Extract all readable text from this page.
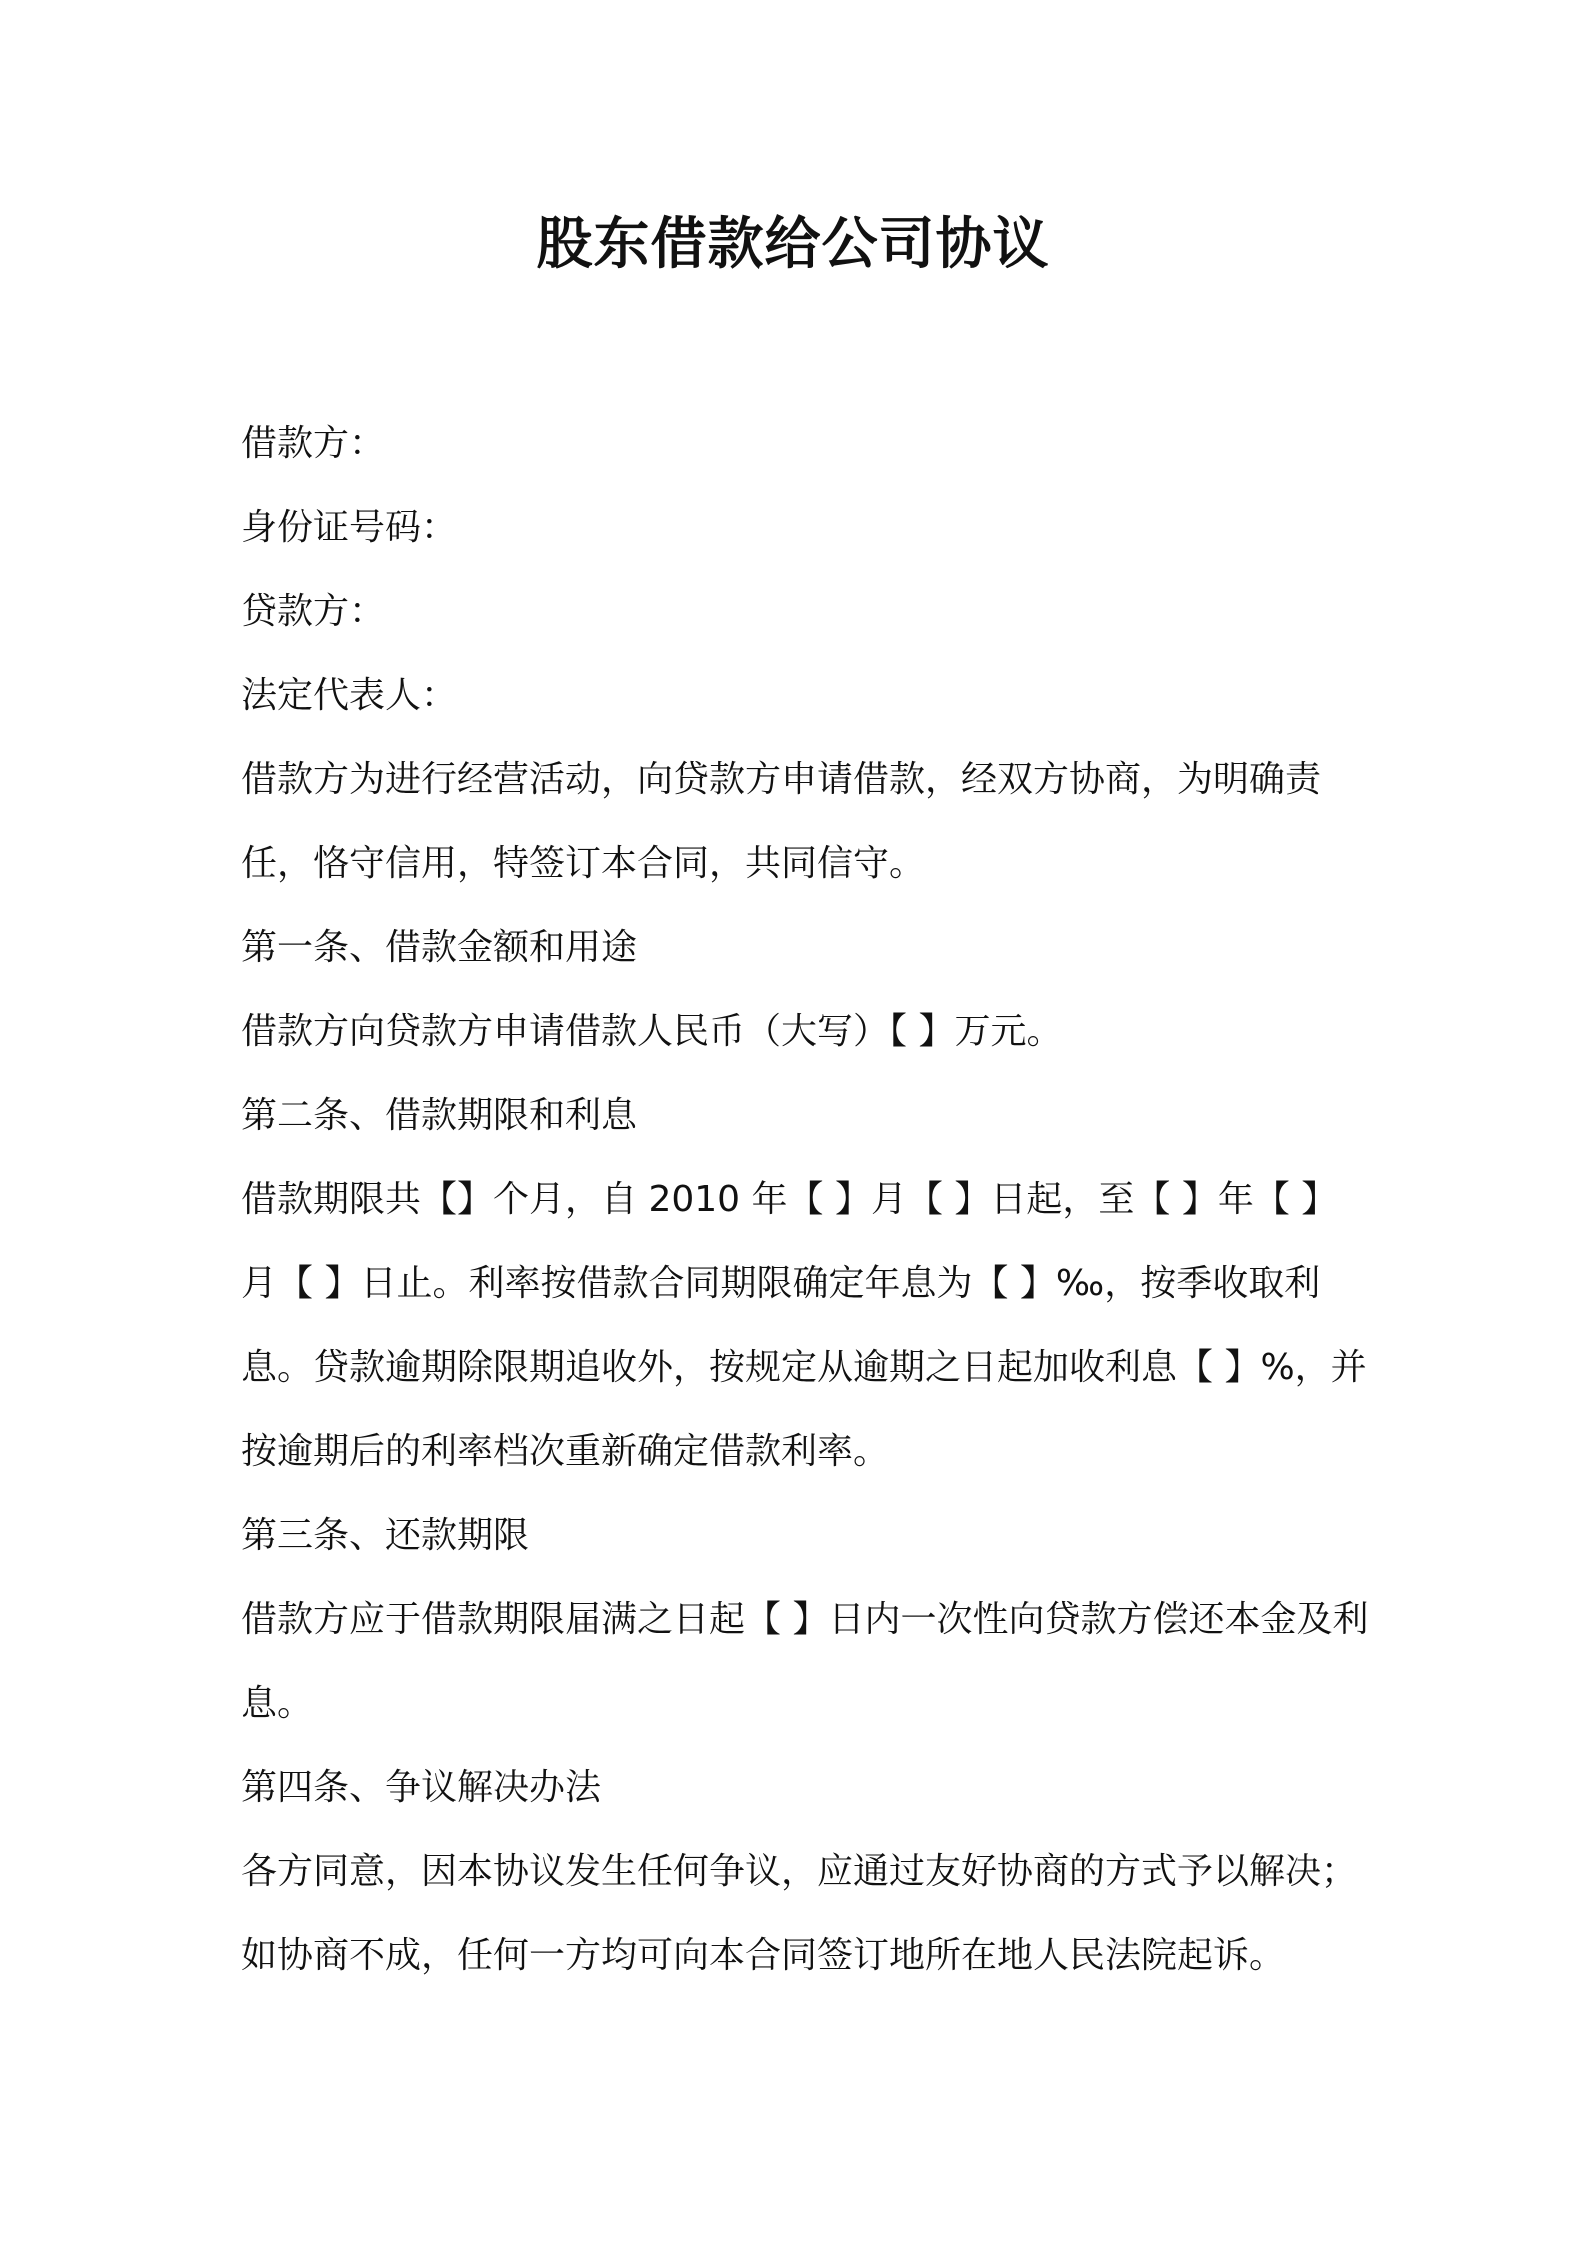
股东借款给公司协议

借款方：

身份证号码：

贷款方：

法定代表人：

借款方为进行经营活动，向贷款方申请借款，经双方协商，为明确责任，恪守信用，特签订本合同，共同信守。

第一条、借款金额和用途

借款方向贷款方申请借款人民币（大写）【 】万元。

第二条、借款期限和利息

借款期限共【】个月，自 2010 年【 】月【 】日起，至【 】年【 】月【 】日止。利率按借款合同期限确定年息为【 】‰，按季收取利息。贷款逾期除限期追收外，按规定从逾期之日起加收利息【 】%，并按逾期后的利率档次重新确定借款利率。

第三条、还款期限

借款方应于借款期限届满之日起【 】日内一次性向贷款方偿还本金及利息。

第四条、争议解决办法

各方同意，因本协议发生任何争议，应通过友好协商的方式予以解决；如协商不成，任何一方均可向本合同签订地所在地人民法院起诉。
